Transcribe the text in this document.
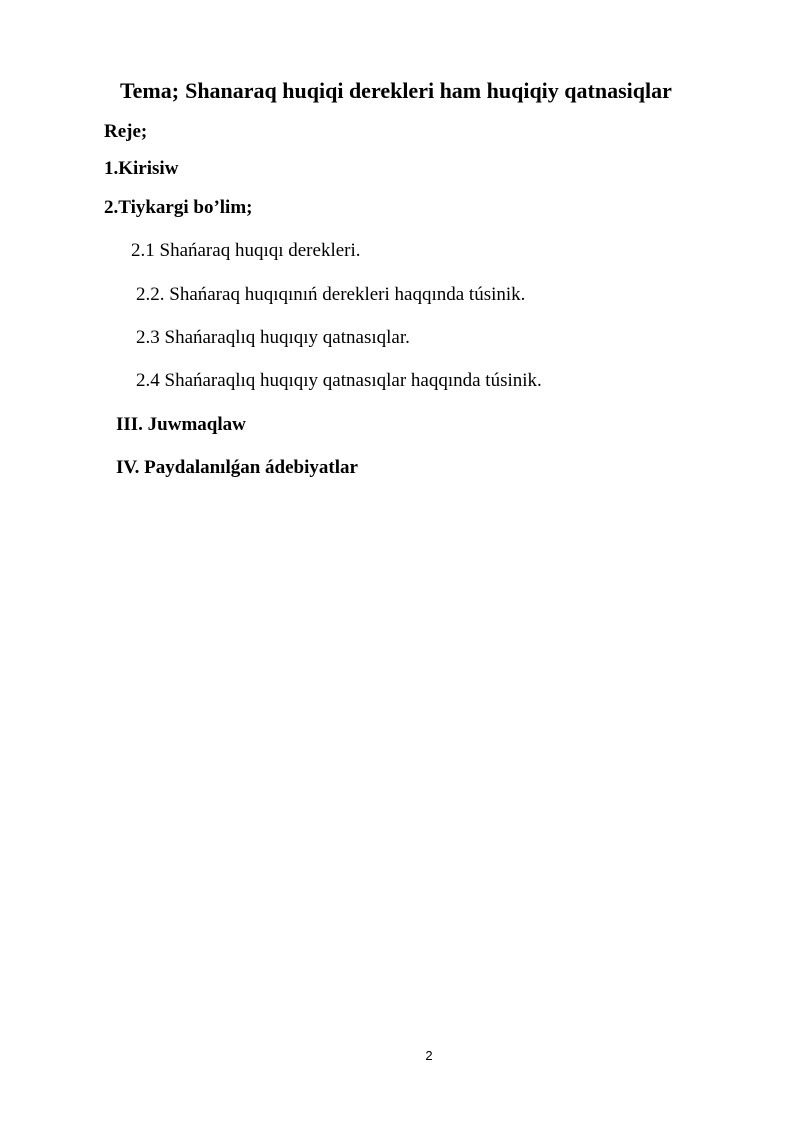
Tema; Shanaraq huqiqi derekleri ham huqiqiy qatnasiqlar
Reje;
1.Kirisiw
2.Tiykargi bo’lim;
2.1 Shańaraq huqıqı derekleri.
2.2. Shańaraq huqıqınıń derekleri haqqında túsinik.
2.3 Shańaraqlıq huqıqıy qatnasıqlar.
2.4 Shańaraqlıq huqıqıy qatnasıqlar haqqında túsinik.
III. Juwmaqlaw
IV. Paydalanılǵan ádebiyatlar
2
